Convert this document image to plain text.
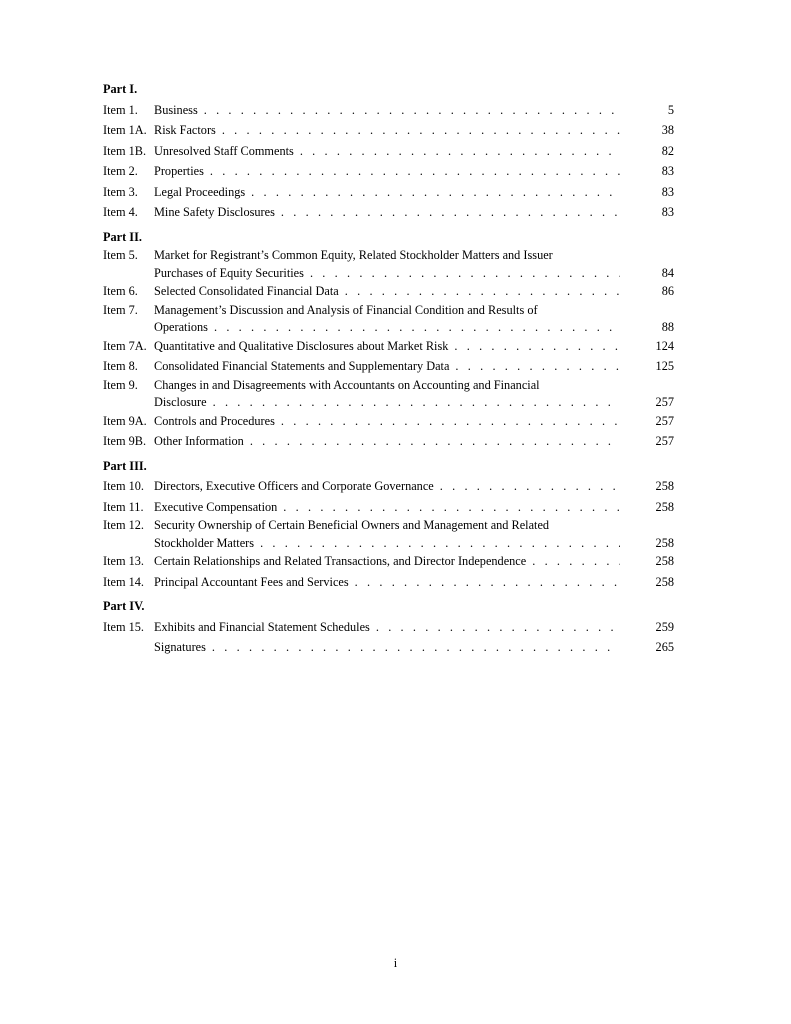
Part I.
Item 1.	Business . . .	5
Item 1A. Risk Factors . . .	38
Item 1B. Unresolved Staff Comments . . .	82
Item 2.	Properties . . .	83
Item 3.	Legal Proceedings . . .	83
Item 4.	Mine Safety Disclosures . . .	83
Part II.
Item 5.	Market for Registrant’s Common Equity, Related Stockholder Matters and Issuer
Purchases of Equity Securities . . .	84
Item 6.	Selected Consolidated Financial Data . . .	86
Item 7.	Management’s Discussion and Analysis of Financial Condition and Results of
Operations . . .	88
Item 7A. Quantitative and Qualitative Disclosures about Market Risk . . .	124
Item 8.	Consolidated Financial Statements and Supplementary Data . . .	125
Item 9.	Changes in and Disagreements with Accountants on Accounting and Financial
Disclosure . . .	257
Item 9A. Controls and Procedures . . .	257
Item 9B. Other Information . . .	257
Part III.
Item 10. Directors, Executive Officers and Corporate Governance . . .	258
Item 11. Executive Compensation . . .	258
Item 12. Security Ownership of Certain Beneficial Owners and Management and Related
Stockholder Matters . . .	258
Item 13. Certain Relationships and Related Transactions, and Director Independence . . .	258
Item 14. Principal Accountant Fees and Services . . .	258
Part IV.
Item 15. Exhibits and Financial Statement Schedules . . .	259
Signatures . . .	265
i
